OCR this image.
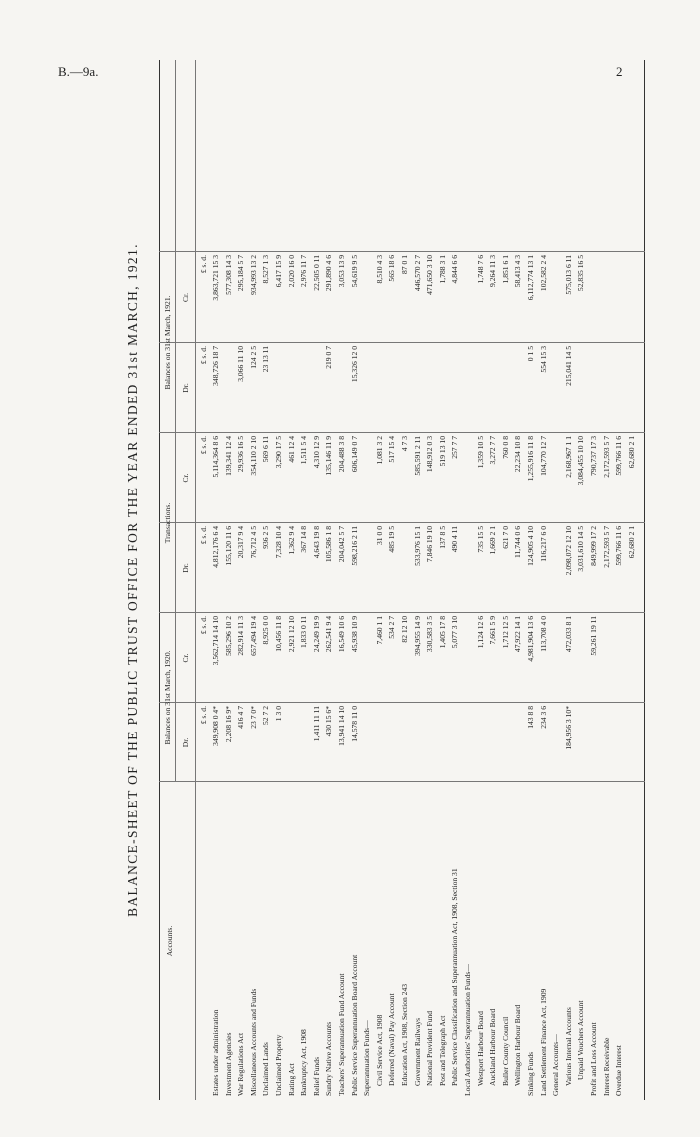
B.—9a.	2
BALANCE-SHEET OF THE PUBLIC TRUST OFFICE FOR THE YEAR ENDED 31st MARCH, 1921.
Accounts.
Balances on 31st March, 1920.
Transactions.
Balances on 31st March, 1921.
Dr.
Cr.
Dr.
Cr.
Dr.
Cr.
£ s. d.
£ s. d.
£ s. d.
£ s. d.
£ s. d.
£ s. d.
Estates under administration
349,908 0 4*
3,562,714 14 10
4,812,176 6 4
5,114,364 8 6
348,726 18 7
3,863,721 15 3
Investment Agencies
2,208 16 9*
585,296 10 2
155,120 11 6
139,341 12 4
577,308 14 3
War Regulations Act
416 4 7
282,914 11 3
20,317 9 4
29,936 16 5
3,066 11 10
295,184 5 7
Miscellaneous Accounts and Funds
23 7 0*
657,494 19 4
76,712 4 5
354,110 2 10
124 2 5
934,993 13 2
Unclaimed Lands
52 7 2
8,925 0 0
936 2 5
569 6 11
23 13 11
8,527 1 3
Unclaimed Property
1 3 0
10,456 11 8
7,328 10 4
3,290 17 5
6,417 15 9
Rating Act
2,921 12 10
1,362 9 4
461 12 4
2,020 16 0
Bankruptcy Act, 1908
1,833 0 11
367 14 8
1,511 5 4
2,976 11 7
Relief Funds
1,411 11 11
24,249 19 9
4,643 19 8
4,310 12 9
22,505 0 11
Sundry Native Accounts
430 15 6*
262,541 9 4
105,586 1 8
135,146 11 9
219 0 7
291,890 4 6
Teachers' Superannuation Fund Account
13,941 14 10
16,549 10 6
204,042 5 7
204,488 3 8
3,053 13 9
Public Service Superannuation Board Account
14,578 11 0
45,938 10 9
598,216 2 11
606,149 0 7
15,326 12 0
54,619 9 5
Superannuation Funds— Civil Service Act, 1908
7,460 1 1
31 0 0
1,081 3 2
8,510 4 3
Deferred (Naval) Pay Account
534 2 7
485 19 5
517 15 4
565 18 6
Education Act, 1908, Section 243
82 12 10
4 7 3
87 0 1
Government Railways
394,955 14 9
533,976 15 1
585,591 2 11
446,570 2 7
National Provident Fund
330,583 3 5
7,846 19 10
148,912 0 3
471,650 3 10
Post and Telegraph Act
1,405 17 8
137 8 5
519 13 10
1,788 3 1
Public Service Classification and Superannuation Act, 1908, Section 31
5,077 3 10
490 4 11
257 7 7
4,844 6 6
Local Authorities' Superannuation Funds— Westport Harbour Board
1,124 12 6
735 15 5
1,359 10 5
1,748 7 6
Auckland Harbour Board
7,661 5 9
1,669 2 1
3,272 7 7
9,264 11 3
Buller County Council
1,712 12 5
621 7 0
760 0 8
1,851 6 1
Wellington Harbour Board
47,922 14 1
11,744 0 6
22,234 10 8
58,413 4 3
Sinking Funds
143 8 8
4,981,904 13 6
124,905 4 10
1,255,916 11 8
0 1 5
6,112,774 13 1
Land Settlement Finance Act, 1909
234 3 6
113,708 4 0
116,217 6 0
104,770 12 7
554 15 3
102,582 2 4
General Accounts— Various Internal Accounts
184,956 3 10*
472,033 8 1
2,098,072 12 10
2,168,967 1 1
215,041 14 5
575,013 6 11
Unpaid Vouchers Account
3,031,610 14 5
3,084,455 10 10
52,835 16 5
Profit and Loss Account
59,261 19 11
849,999 17 2
790,737 17 3
Interest Receivable
2,172,593 5 7
2,172,593 5 7
Overdue Interest
599,766 11 6
599,766 11 6
62,680 2 1
62,680 2 1
